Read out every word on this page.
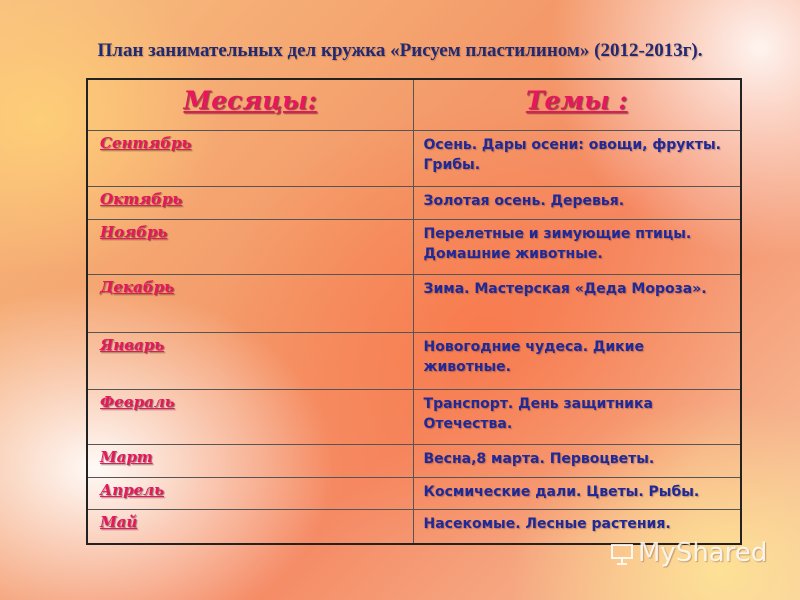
План занимательных дел кружка «Рисуем пластилином» (2012-2013г).
Месяцы:	Темы :
Сентябрь	Осень. Дары осени: овощи, фрукты. Грибы.
Октябрь	Золотая осень. Деревья.
Ноябрь	Перелетные и зимующие птицы. Домашние животные.
Декабрь	Зима. Мастерская «Деда Мороза».
Январь	Новогодние чудеса. Дикие животные.
Февраль	Транспорт. День защитника Отечества.
Март	Весна,8 марта. Первоцветы.
Апрель	Космические дали. Цветы. Рыбы.
Май	Насекомые. Лесные растения.
MyShared
